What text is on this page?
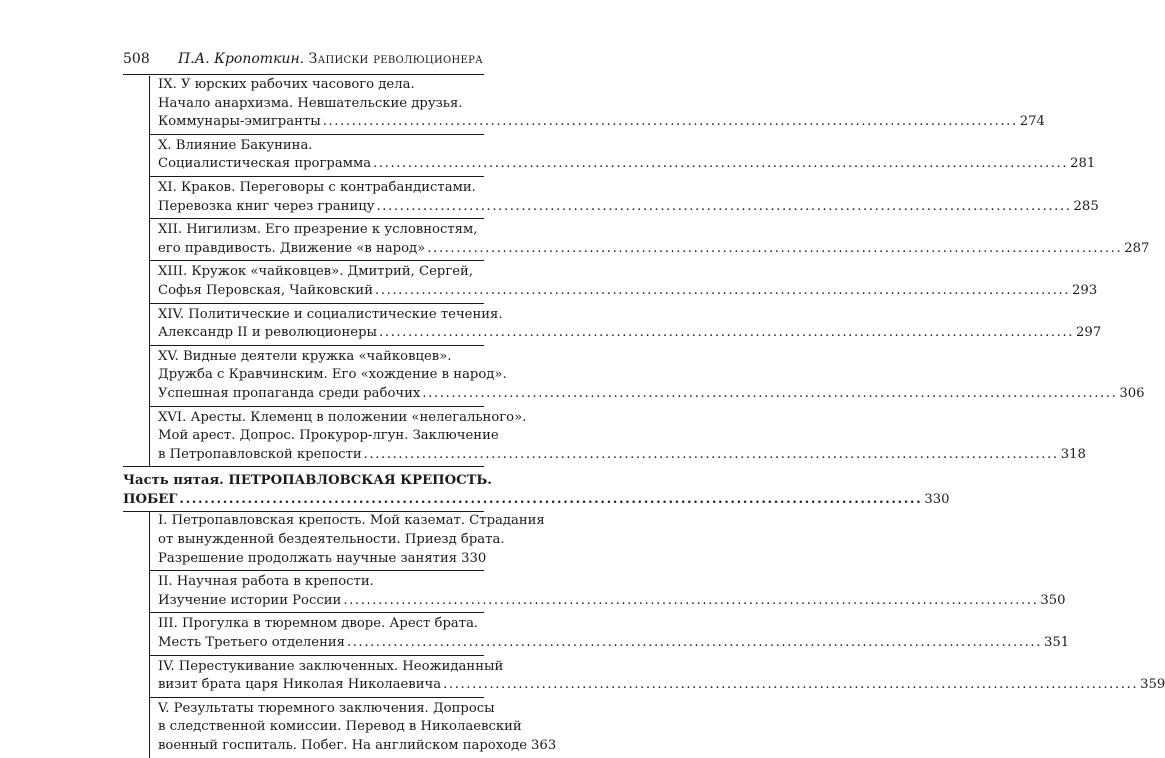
508 П.А. Кропоткин. Записки революционера
IX. У юрских рабочих часового дела.
Начало анархизма. Невшательские друзья.
Коммунары-эмигранты ........................................................................................................................ 274
X. Влияние Бакунина.
Социалистическая программа ........................................................................................................................ 281
XI. Краков. Переговоры с контрабандистами.
Перевозка книг через границу ........................................................................................................................ 285
XII. Нигилизм. Его презрение к условностям,
его правдивость. Движение «в народ» ........................................................................................................................ 287
XIII. Кружок «чайковцев». Дмитрий, Сергей,
Софья Перовская, Чайковский ........................................................................................................................ 293
XIV. Политические и социалистические течения.
Александр II и революционеры ........................................................................................................................ 297
XV. Видные деятели кружка «чайковцев».
Дружба с Кравчинским. Его «хождение в народ».
Успешная пропаганда среди рабочих ........................................................................................................................ 306
XVI. Аресты. Клеменц в положении «нелегального».
Мой арест. Допрос. Прокурор-лгун. Заключение
в Петропавловской крепости ........................................................................................................................ 318
Часть пятая. ПЕТРОПАВЛОВСКАЯ КРЕПОСТЬ.
ПОБЕГ ........................................................................................................................ 330
I. Петропавловская крепость. Мой каземат. Страдания
от вынужденной бездеятельности. Приезд брата.
Разрешение продолжать научные занятия 330
II. Научная работа в крепости.
Изучение истории России ........................................................................................................................ 350
III. Прогулка в тюремном дворе. Арест брата.
Месть Третьего отделения ........................................................................................................................ 351
IV. Перестукивание заключенных. Неожиданный
визит брата царя Николая Николаевича ........................................................................................................................ 359
V. Результаты тюремного заключения. Допросы
в следственной комиссии. Перевод в Николаевский
военный госпиталь. Побег. На английском пароходе 363
